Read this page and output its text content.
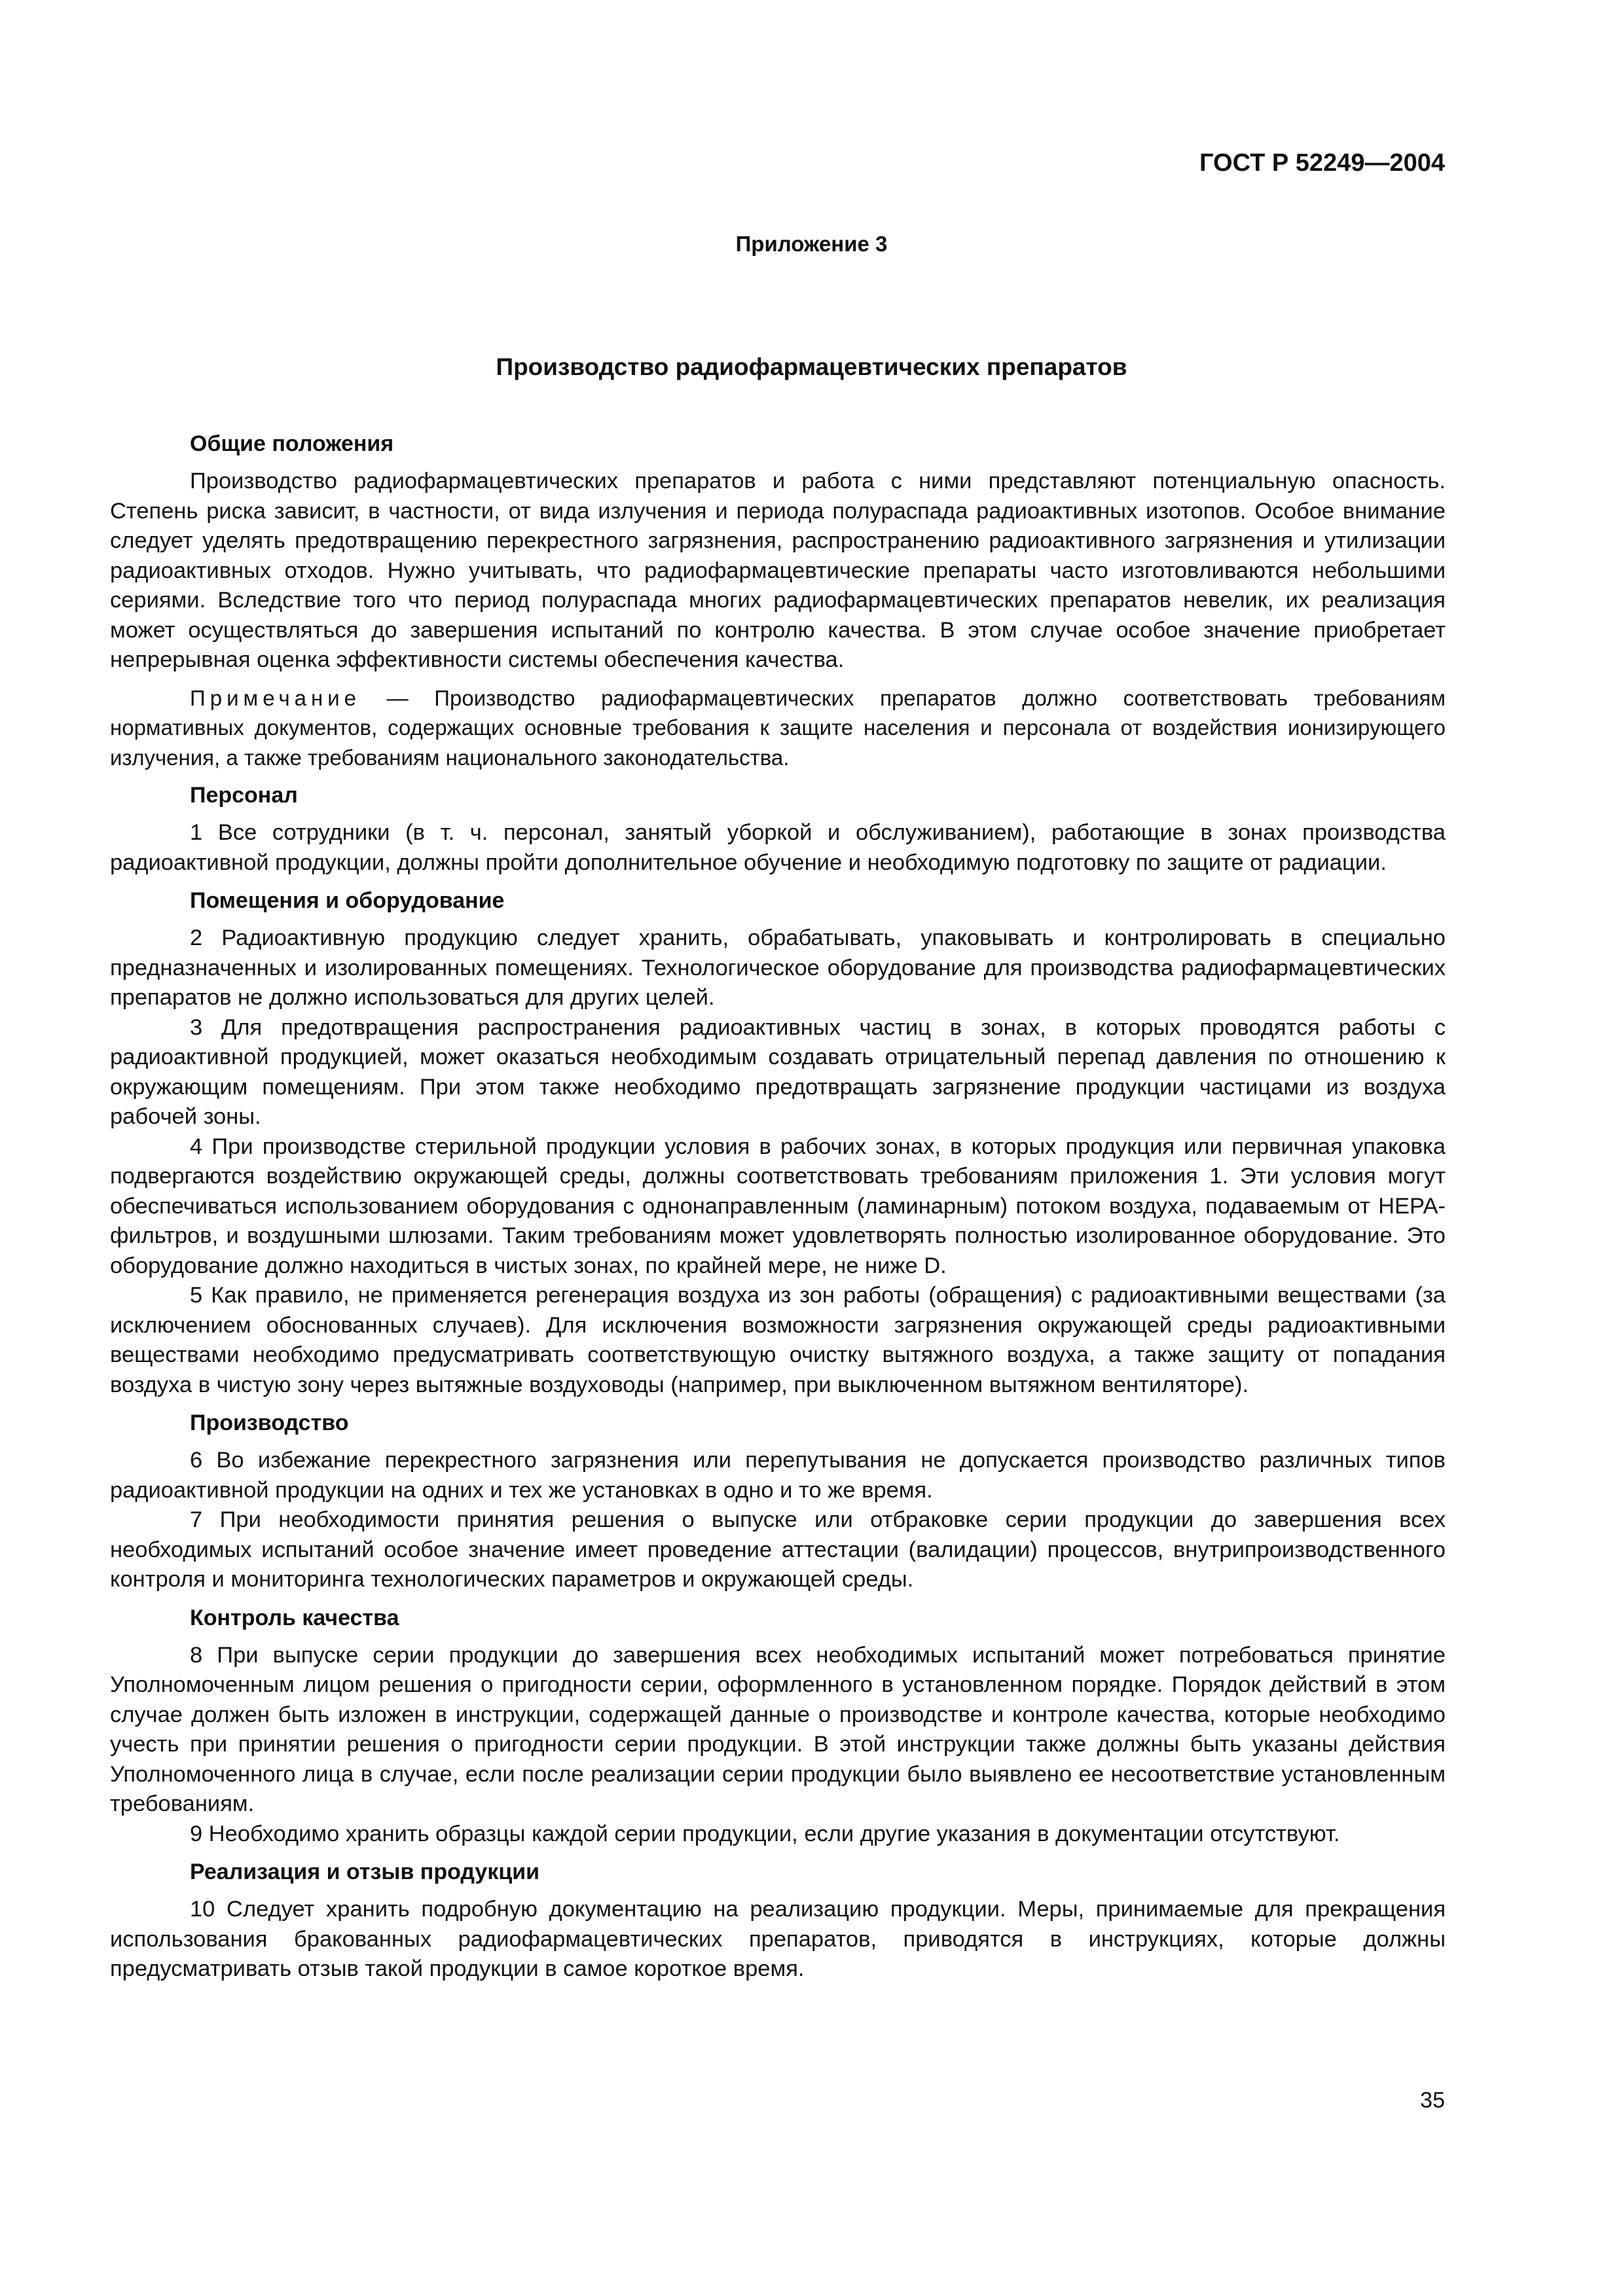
ГОСТ Р 52249—2004

Приложение 3

Производство радиофармацевтических препаратов
Общие положения

Производство радиофармацевтических препаратов и работа с ними представляют потенциальную опасность. Степень риска зависит, в частности, от вида излучения и периода полураспада радиоактивных изотопов. Особое внимание следует уделять предотвращению перекрестного загрязнения, распространению радиоактивного загрязнения и утилизации радиоактивных отходов. Нужно учитывать, что радиофармацевтические препараты часто изготовливаются небольшими сериями. Вследствие того что период полураспада многих радиофармацевтических препаратов невелик, их реализация может осуществляться до завершения испытаний по контролю качества. В этом случае особое значение приобретает непрерывная оценка эффективности системы обеспечения качества.

Примечание — Производство радиофармацевтических препаратов должно соответствовать требованиям нормативных документов, содержащих основные требования к защите населения и персонала от воздействия ионизирующего излучения, а также требованиям национального законодательства.

Персонал

1 Все сотрудники (в т. ч. персонал, занятый уборкой и обслуживанием), работающие в зонах производства радиоактивной продукции, должны пройти дополнительное обучение и необходимую подготовку по защите от радиации.

Помещения и оборудование

2 Радиоактивную продукцию следует хранить, обрабатывать, упаковывать и контролировать в специально предназначенных и изолированных помещениях. Технологическое оборудование для производства радиофармацевтических препаратов не должно использоваться для других целей.

3 Для предотвращения распространения радиоактивных частиц в зонах, в которых проводятся работы с радиоактивной продукцией, может оказаться необходимым создавать отрицательный перепад давления по отношению к окружающим помещениям. При этом также необходимо предотвращать загрязнение продукции частицами из воздуха рабочей зоны.

4 При производстве стерильной продукции условия в рабочих зонах, в которых продукция или первичная упаковка подвергаются воздействию окружающей среды, должны соответствовать требованиям приложения 1. Эти условия могут обеспечиваться использованием оборудования с однонаправленным (ламинарным) потоком воздуха, подаваемым от HEPA-фильтров, и воздушными шлюзами. Таким требованиям может удовлетворять полностью изолированное оборудование. Это оборудование должно находиться в чистых зонах, по крайней мере, не ниже D.

5 Как правило, не применяется регенерация воздуха из зон работы (обращения) с радиоактивными веществами (за исключением обоснованных случаев). Для исключения возможности загрязнения окружающей среды радиоактивными веществами необходимо предусматривать соответствующую очистку вытяжного воздуха, а также защиту от попадания воздуха в чистую зону через вытяжные воздуховоды (например, при выключенном вытяжном вентиляторе).

Производство

6 Во избежание перекрестного загрязнения или перепутывания не допускается производство различных типов радиоактивной продукции на одних и тех же установках в одно и то же время.

7 При необходимости принятия решения о выпуске или отбраковке серии продукции до завершения всех необходимых испытаний особое значение имеет проведение аттестации (валидации) процессов, внутрипроизводственного контроля и мониторинга технологических параметров и окружающей среды.

Контроль качества

8 При выпуске серии продукции до завершения всех необходимых испытаний может потребоваться принятие Уполномоченным лицом решения о пригодности серии, оформленного в установленном порядке. Порядок действий в этом случае должен быть изложен в инструкции, содержащей данные о производстве и контроле качества, которые необходимо учесть при принятии решения о пригодности серии продукции. В этой инструкции также должны быть указаны действия Уполномоченного лица в случае, если после реализации серии продукции было выявлено ее несоответствие установленным требованиям.

9 Необходимо хранить образцы каждой серии продукции, если другие указания в документации отсутствуют.

Реализация и отзыв продукции

10 Следует хранить подробную документацию на реализацию продукции. Меры, принимаемые для прекращения использования бракованных радиофармацевтических препаратов, приводятся в инструкциях, которые должны предусматривать отзыв такой продукции в самое короткое время.

35
